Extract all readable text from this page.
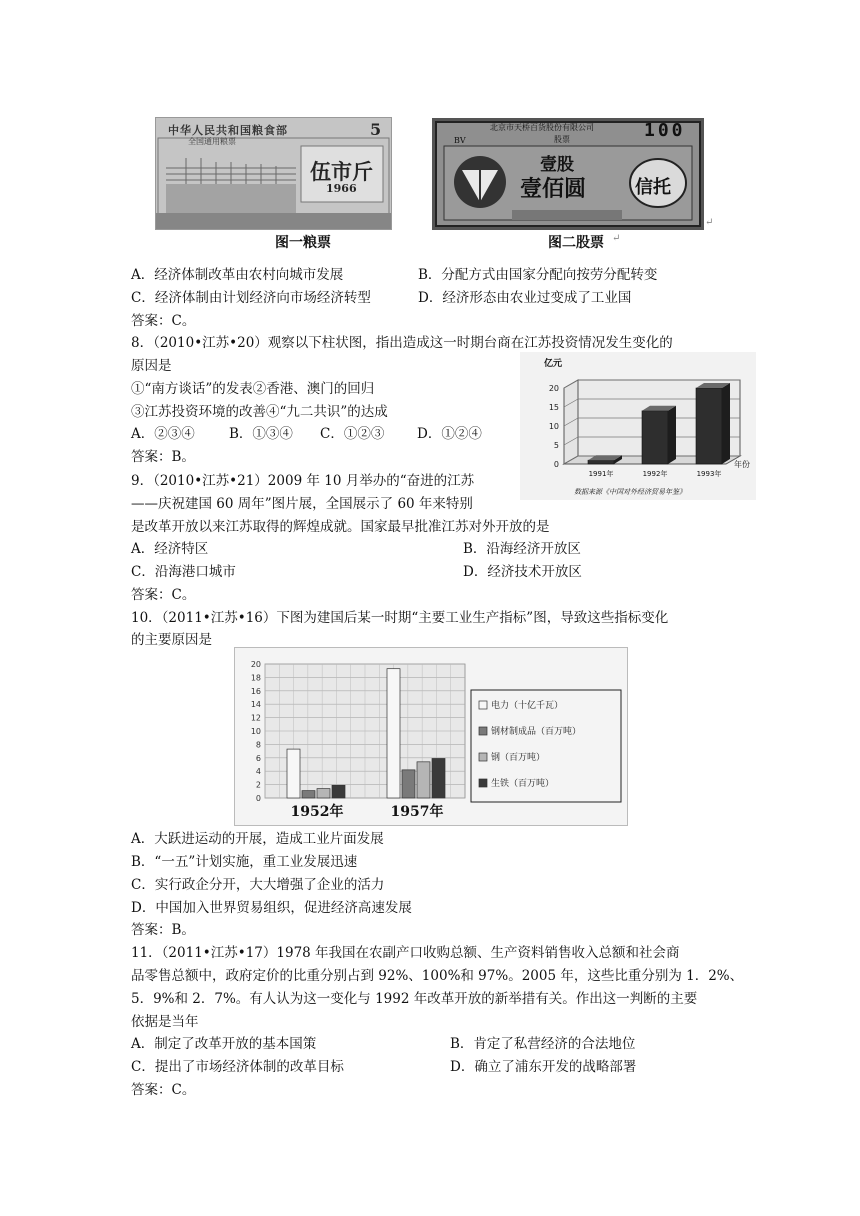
中华人民共和国粮食部
全国通用粮票
5
伍市斤
1966
北京市天桥百货股份有限公司
股票	100
BV
壹股
壹佰圆	信托
↵
图一粮票	图二股票 ↵
A．经济体制改革由农村向城市发展	B．分配方式由国家分配向按劳分配转变
C．经济体制由计划经济向市场经济转型	D．经济形态由农业过变成了工业国
答案：C。
8．（2010•江苏•20）观察以下柱状图，指出造成这一时期台商在江苏投资情况发生变化的
原因是
①“南方谈话”的发表②香港、澳门的回归
③江苏投资环境的改善④“九二共识”的达成
A．②③④	B．①③④ C．①②③ D．①②④
答案：B。	0
5
10
15
20
亿元
年份
1991年	1992年	1993年
数据来源《中国对外经济贸易年鉴》
9．（2010•江苏•21）2009 年 10 月举办的“奋进的江苏
——庆祝建国 60 周年”图片展，全国展示了 60 年来特别
是改革开放以来江苏取得的辉煌成就。国家最早批准江苏对外开放的是
A．经济特区	B．沿海经济开放区
C．沿海港口城市	D．经济技术开放区
答案：C。
10．（2011•江苏•16）下图为建国后某一时期“主要工业生产指标”图，导致这些指标变化
的主要原因是
0
2
4
6
8
10
12
14
16
18
20
1952年	1957年
电力（十亿千瓦）
钢材制成品（百万吨）
钢（百万吨）
生铁（百万吨）
A．大跃进运动的开展，造成工业片面发展
B．“一五”计划实施，重工业发展迅速
C．实行政企分开，大大增强了企业的活力
D．中国加入世界贸易组织，促进经济高速发展
答案：B。
11．（2011•江苏•17）1978 年我国在农副产口收购总额、生产资料销售收入总额和社会商
品零售总额中，政府定价的比重分别占到 92%、100%和 97%。2005 年，这些比重分别为 1．2%、
5．9%和 2．7%。有人认为这一变化与 1992 年改革开放的新举措有关。作出这一判断的主要
依据是当年
A．制定了改革开放的基本国策	B．肯定了私营经济的合法地位
C．提出了市场经济体制的改革目标	D．确立了浦东开发的战略部署
答案：C。
